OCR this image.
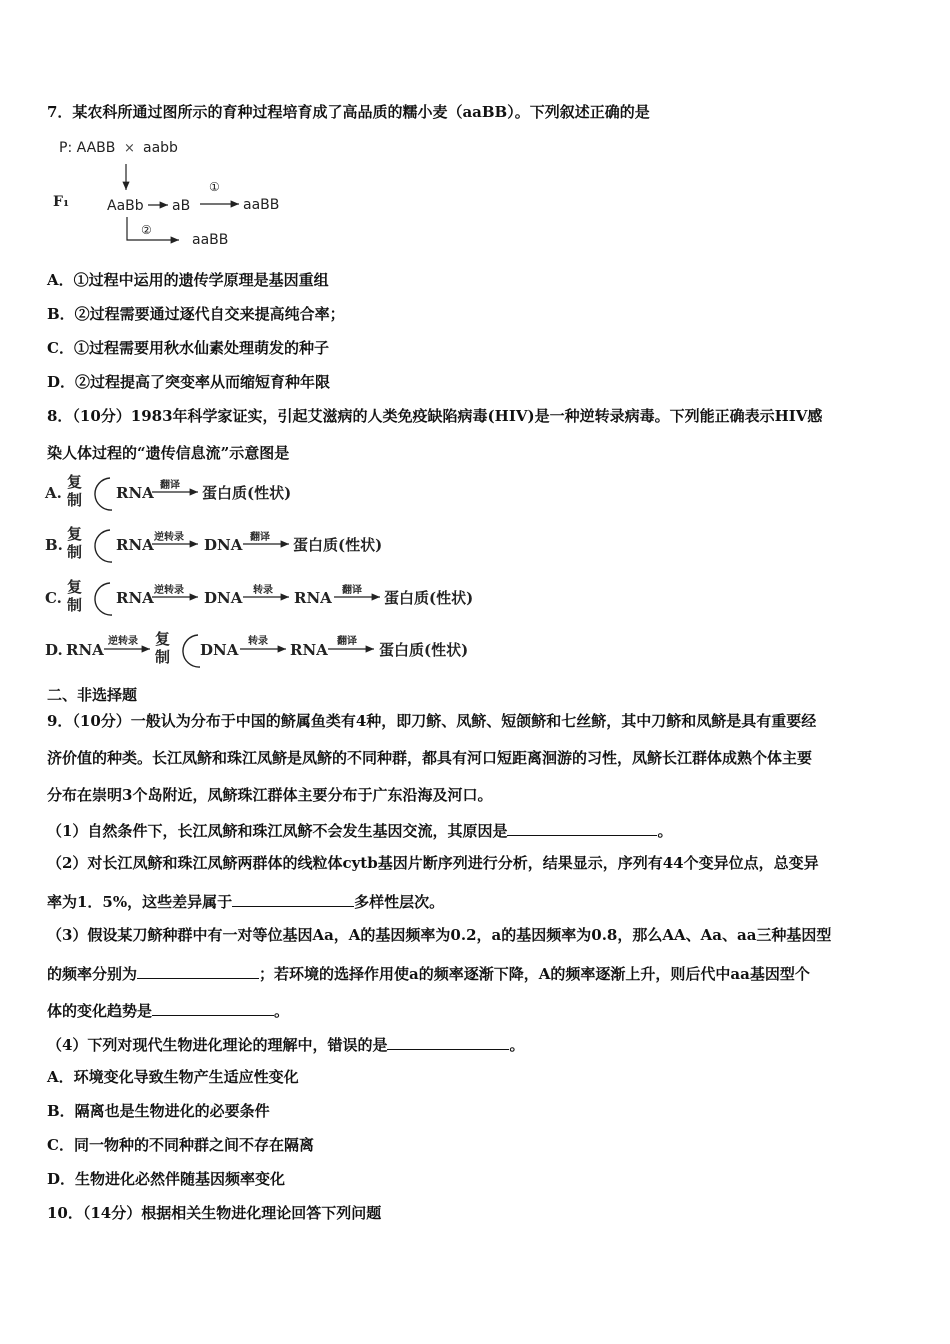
7．某农科所通过图所示的育种过程培育成了高品质的糯小麦（aaBB）。下列叙述正确的是
P: AABB × aabb
F₁	AaBb aB
①
aaBB
②
aaBB
A．①过程中运用的遗传学原理是基因重组
B．②过程需要通过逐代自交来提高纯合率；
C．①过程需要用秋水仙素处理萌发的种子
D．②过程提高了突变率从而缩短育种年限
8．（10分）1983年科学家证实，引起艾滋病的人类免疫缺陷病毒(HIV)是一种逆转录病毒。下列能正确表示HIV感
染人体过程的“遗传信息流”示意图是
A.
复
制 RNA 翻译 蛋白质(性状)
B.
复
制 RNA 逆转录 DNA 翻译 蛋白质(性状)
C.
复
制 RNA 逆转录 DNA 转录 RNA 翻译 蛋白质(性状)
D. RNA 逆转录 复
制 DNA 转录 RNA 翻译 蛋白质(性状)
二、非选择题
9．（10分）一般认为分布于中国的鲚属鱼类有4种，即刀鲚、凤鲚、短颌鲚和七丝鲚，其中刀鲚和凤鲚是具有重要经
济价值的种类。长江凤鲚和珠江凤鲚是凤鲚的不同种群，都具有河口短距离洄游的习性，凤鲚长江群体成熟个体主要
分布在崇明3个岛附近，凤鲚珠江群体主要分布于广东沿海及河口。
（1）自然条件下，长江凤鲚和珠江凤鲚不会发生基因交流，其原因是	。
（2）对长江凤鲚和珠江凤鲚两群体的线粒体cytb基因片断序列进行分析，结果显示，序列有44个变异位点，总变异
率为1．5%，这些差异属于	多样性层次。
（3）假设某刀鲚种群中有一对等位基因Aa，A的基因频率为0.2，a的基因频率为0.8，那么AA、Aa、aa三种基因型
的频率分别为	；若环境的选择作用使a的频率逐渐下降，A的频率逐渐上升，则后代中aa基因型个
体的变化趋势是	。
（4）下列对现代生物进化理论的理解中，错误的是	。
A．环境变化导致生物产生适应性变化
B．隔离也是生物进化的必要条件
C．同一物种的不同种群之间不存在隔离
D．生物进化必然伴随基因频率变化
10．（14分）根据相关生物进化理论回答下列问题
